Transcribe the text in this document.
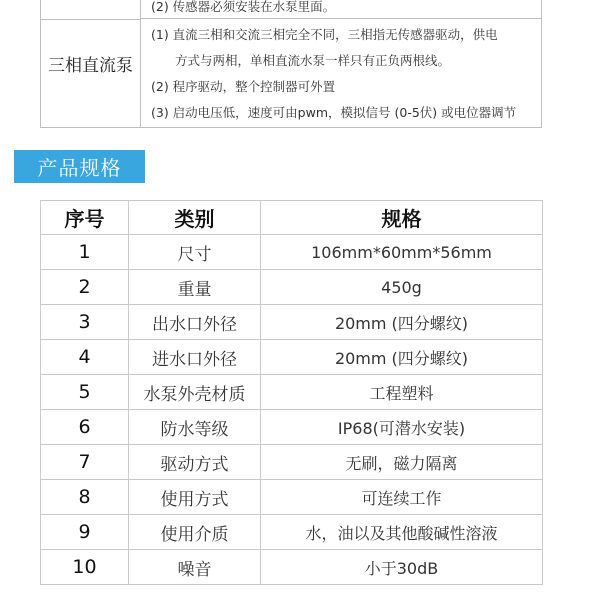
三相直流泵
(2) 传感器必须安装在水泵里面。
(1) 直流三相和交流三相完全不同，三相指无传感器驱动，供电
方式与两相，单相直流水泵一样只有正负两根线。
(2) 程序驱动，整个控制器可外置
(3) 启动电压低，速度可由pwm，模拟信号 (0-5伏) 或电位器调节
产品规格
序号	类别	规格
1	尺寸	106mm*60mm*56mm
2	重量	450g
3	出水口外径	20mm (四分螺纹)
4	进水口外径	20mm (四分螺纹)
5	水泵外壳材质	工程塑料
6	防水等级	IP68(可潜水安装)
7	驱动方式	无刷，磁力隔离
8	使用方式	可连续工作
9	使用介质	水，油以及其他酸碱性溶液
10	噪音	小于30dB
